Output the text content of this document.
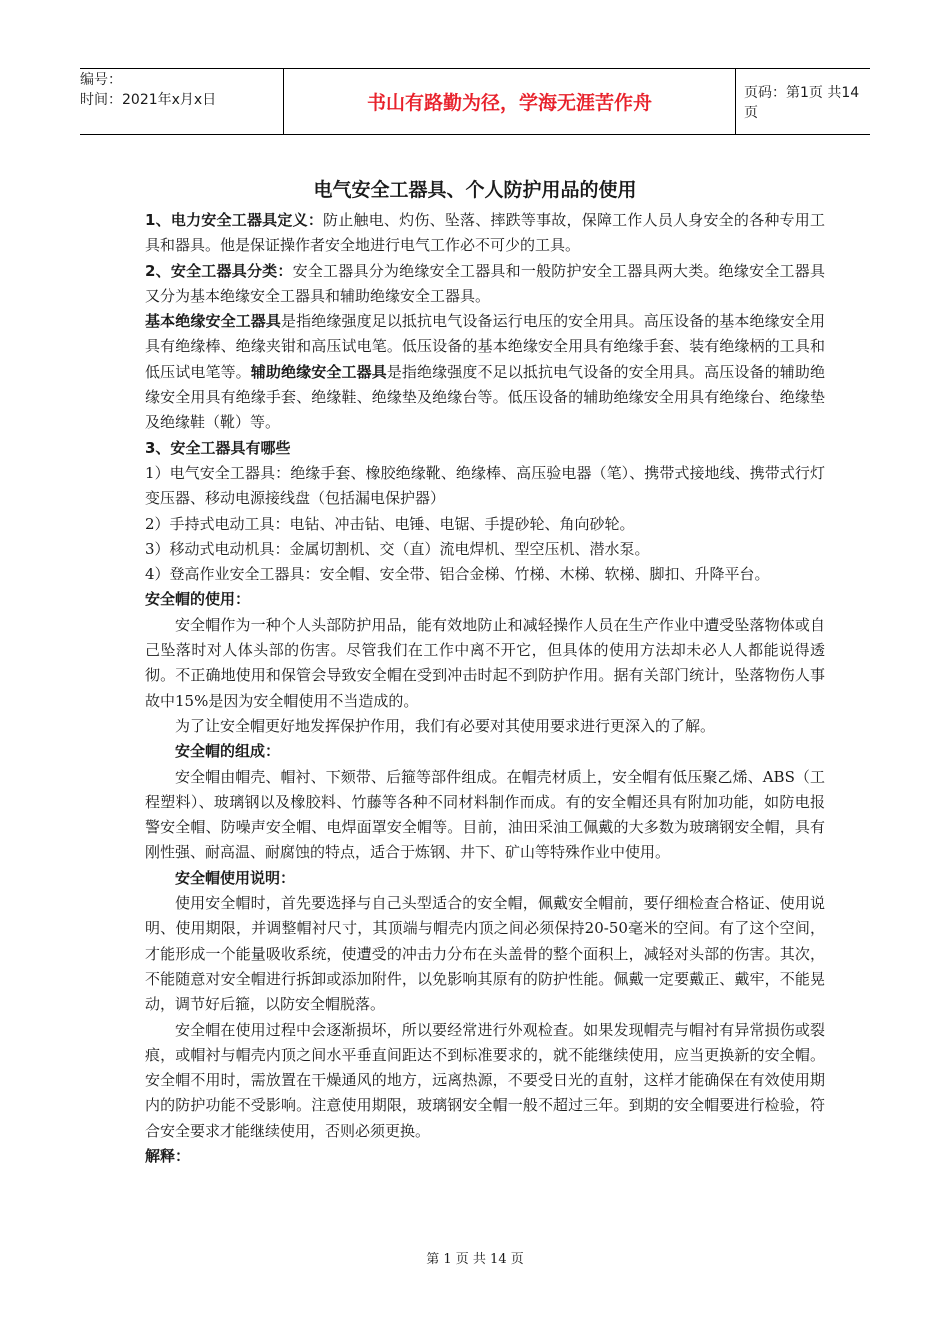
编号：
时间：2021年x月x日	书山有路勤为径，学海无涯苦作舟	页码：第1页 共14页
电气安全工器具、个人防护用品的使用

1、电力安全工器具定义：防止触电、灼伤、坠落、摔跌等事故，保障工作人员人身安全的各种专用工具和器具。他是保证操作者安全地进行电气工作必不可少的工具。

2、安全工器具分类：安全工器具分为绝缘安全工器具和一般防护安全工器具两大类。绝缘安全工器具又分为基本绝缘安全工器具和辅助绝缘安全工器具。

基本绝缘安全工器具是指绝缘强度足以抵抗电气设备运行电压的安全用具。高压设备的基本绝缘安全用具有绝缘棒、绝缘夹钳和高压试电笔。低压设备的基本绝缘安全用具有绝缘手套、装有绝缘柄的工具和低压试电笔等。辅助绝缘安全工器具是指绝缘强度不足以抵抗电气设备的安全用具。高压设备的辅助绝缘安全用具有绝缘手套、绝缘鞋、绝缘垫及绝缘台等。低压设备的辅助绝缘安全用具有绝缘台、绝缘垫及绝缘鞋（靴）等。

3、安全工器具有哪些

1）电气安全工器具：绝缘手套、橡胶绝缘靴、绝缘棒、高压验电器（笔）、携带式接地线、携带式行灯变压器、移动电源接线盘（包括漏电保护器）

2）手持式电动工具：电钻、冲击钻、电锤、电锯、手提砂轮、角向砂轮。

3）移动式电动机具：金属切割机、交（直）流电焊机、型空压机、潜水泵。

4）登高作业安全工器具：安全帽、安全带、铝合金梯、竹梯、木梯、软梯、脚扣、升降平台。

安全帽的使用：

安全帽作为一种个人头部防护用品，能有效地防止和减轻操作人员在生产作业中遭受坠落物体或自己坠落时对人体头部的伤害。尽管我们在工作中离不开它，但具体的使用方法却未必人人都能说得透彻。不正确地使用和保管会导致安全帽在受到冲击时起不到防护作用。据有关部门统计，坠落物伤人事故中15%是因为安全帽使用不当造成的。

为了让安全帽更好地发挥保护作用，我们有必要对其使用要求进行更深入的了解。

安全帽的组成：

安全帽由帽壳、帽衬、下颏带、后箍等部件组成。在帽壳材质上，安全帽有低压聚乙烯、ABS（工程塑料）、玻璃钢以及橡胶料、竹藤等各种不同材料制作而成。有的安全帽还具有附加功能，如防电报警安全帽、防噪声安全帽、电焊面罩安全帽等。目前，油田采油工佩戴的大多数为玻璃钢安全帽，具有刚性强、耐高温、耐腐蚀的特点，适合于炼钢、井下、矿山等特殊作业中使用。

安全帽使用说明：

使用安全帽时，首先要选择与自己头型适合的安全帽，佩戴安全帽前，要仔细检查合格证、使用说明、使用期限，并调整帽衬尺寸，其顶端与帽壳内顶之间必须保持20-50毫米的空间。有了这个空间，才能形成一个能量吸收系统，使遭受的冲击力分布在头盖骨的整个面积上，减轻对头部的伤害。其次，不能随意对安全帽进行拆卸或添加附件，以免影响其原有的防护性能。佩戴一定要戴正、戴牢，不能晃动，调节好后箍，以防安全帽脱落。

安全帽在使用过程中会逐渐损坏，所以要经常进行外观检查。如果发现帽壳与帽衬有异常损伤或裂痕，或帽衬与帽壳内顶之间水平垂直间距达不到标准要求的，就不能继续使用，应当更换新的安全帽。安全帽不用时，需放置在干燥通风的地方，远离热源，不要受日光的直射，这样才能确保在有效使用期内的防护功能不受影响。注意使用期限，玻璃钢安全帽一般不超过三年。到期的安全帽要进行检验，符合安全要求才能继续使用，否则必须更换。

解释：

第 1 页 共 14 页
